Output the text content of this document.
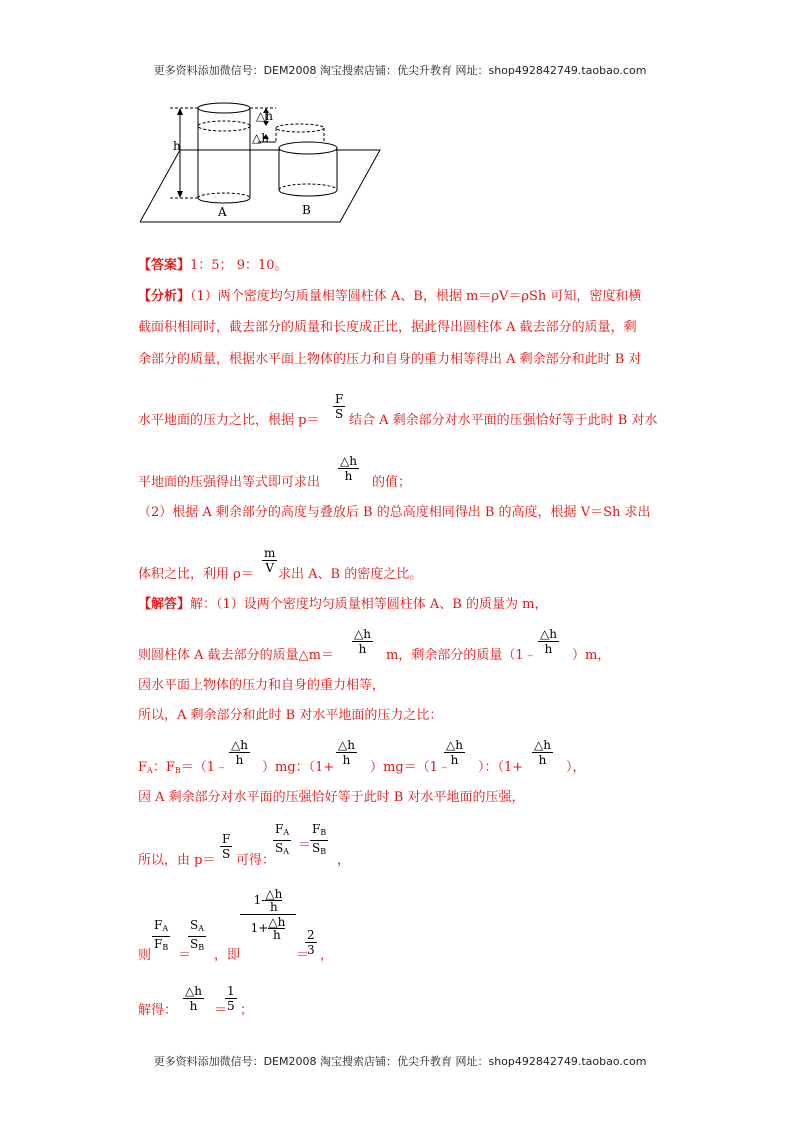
更多资料添加微信号：DEM2008 淘宝搜索店铺：优尖升教育 网址：shop492842749.taobao.com
h
△h
△h
A	B
【答案】1：5； 9：10。
【分析】（1）两个密度均匀质量相等圆柱体 A、B，根据 m＝ρV＝ρSh 可知，密度和横
截面积相同时，截去部分的质量和长度成正比，据此得出圆柱体 A 截去部分的质量，剩
余部分的质量，根据水平面上物体的压力和自身的重力相等得出 A 剩余部分和此时 B 对
水平地面的压力之比，根据 $p= \frac{F}{S}$ 结合 A 剩余部分对水平面的压强恰好等于此时 B 对水
平地面的压强得出等式即可求出 $\frac{\triangle h}{h}$ 的值；
（2）根据 A 剩余部分的高度与叠放后 B 的总高度相同得出 B 的高度，根据 V＝Sh 求出
体积之比，利用 $\rho= \frac{m}{V}$ 求出 A、B 的密度之比。
【解答】解：（1）设两个密度均匀质量相等圆柱体 A、B 的质量为 m，
则圆柱体 A 截去部分的质量△m＝ $\frac{\triangle h}{h}$ m，剩余部分的质量（1﹣ $\frac{\triangle h}{h} )m$，
因水平面上物体的压力和自身的重力相等，
所以，A 剩余部分和此时 B 对水平地面的压力之比：
$F_A$：$F_B=(1﹣$
$\frac{\triangle h}{h}$
）mg：（1+
$\frac{\triangle h}{h}$
）mg＝（1﹣
$\frac{\triangle h}{h}$
）：（1+
$\frac{\triangle h}{h}$
），
因 A 剩余部分对水平面的压强恰好等于此时 B 对水平地面的压强，
所以，由 $p= \frac{F}{S}$ 可得：
$\frac{F_A}{S_A}$ ＝
$\frac{F_B}{S_B}$
，
则
$\frac{F_A}{F_B}$
＝
$\frac{S_A}{S_B}$
，即
$1- \frac{\triangle h}{h}$
$1+ \frac{\triangle h}{h}$
＝
$\frac{2}{3}$ ，
解得： $\frac{\triangle h}{h}$ ＝
$\frac{1}{5}$ ；
更多资料添加微信号：DEM2008 淘宝搜索店铺：优尖升教育 网址：shop492842749.taobao.com
